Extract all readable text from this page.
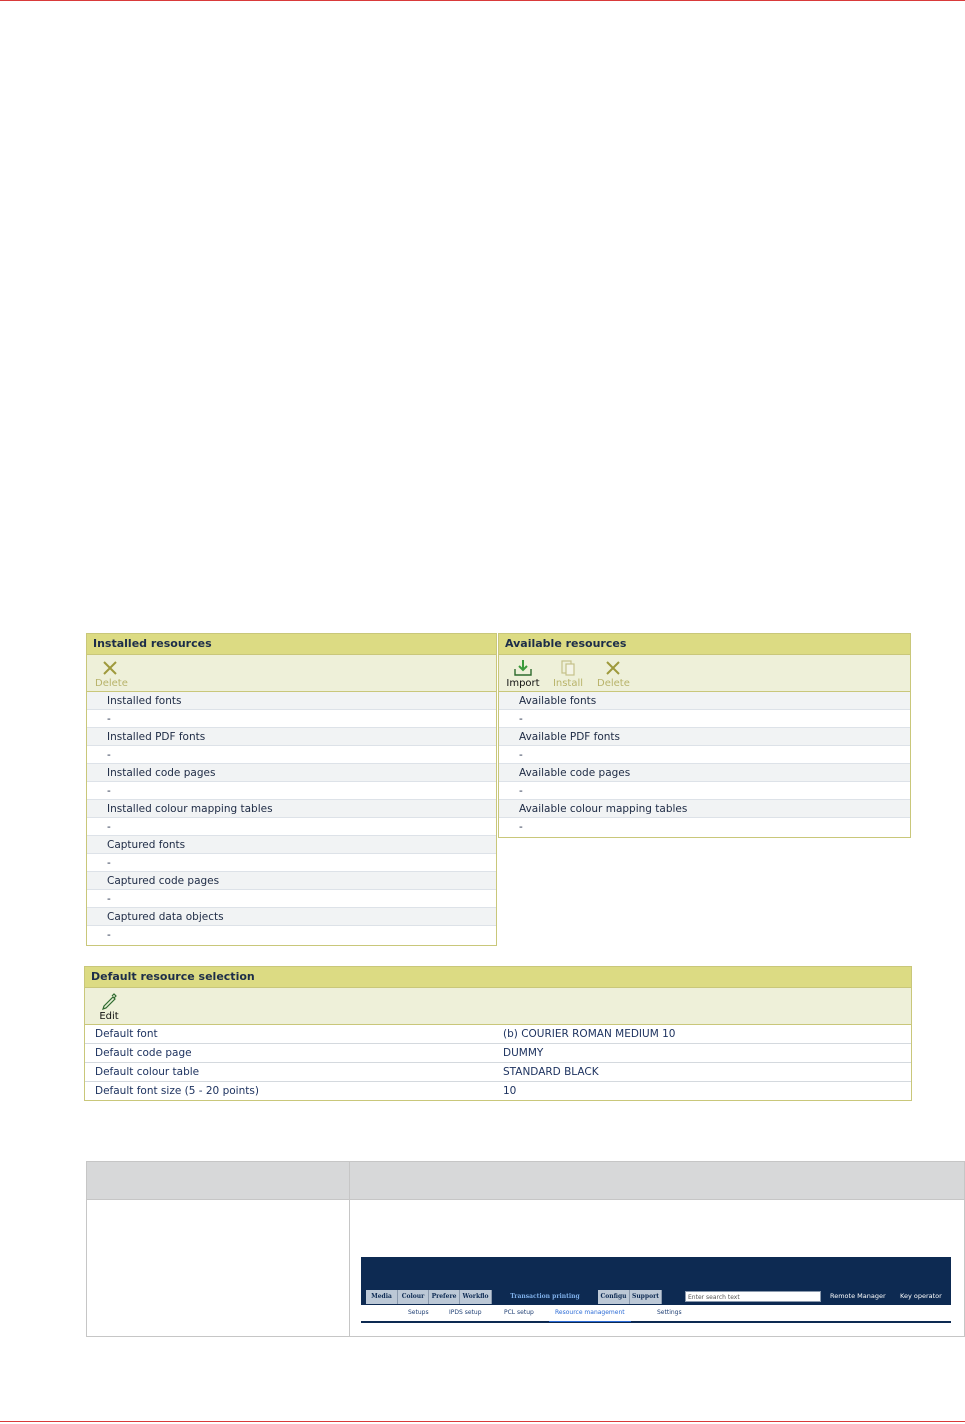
Installed resources
Delete
Installed fonts
-
Installed PDF fonts
-
Installed code pages
-
Installed colour mapping tables
-
Captured fonts
-
Captured code pages
-
Captured data objects
-
Available resources
Import Install Delete
Available fonts
-
Available PDF fonts
-
Available code pages
-
Available colour mapping tables
-
Default resource selection
Edit
Default font	(b) COURIER ROMAN MEDIUM 10
Default code page	DUMMY
Default colour table	STANDARD BLACK
Default font size (5 - 20 points)	10
Media	Colour	Prefere	Workflo	Transaction printing	Configu Support	Enter search text	Remote Manager Key operator
Setups	IPDS setup	PCL setup	Resource management	Settings
